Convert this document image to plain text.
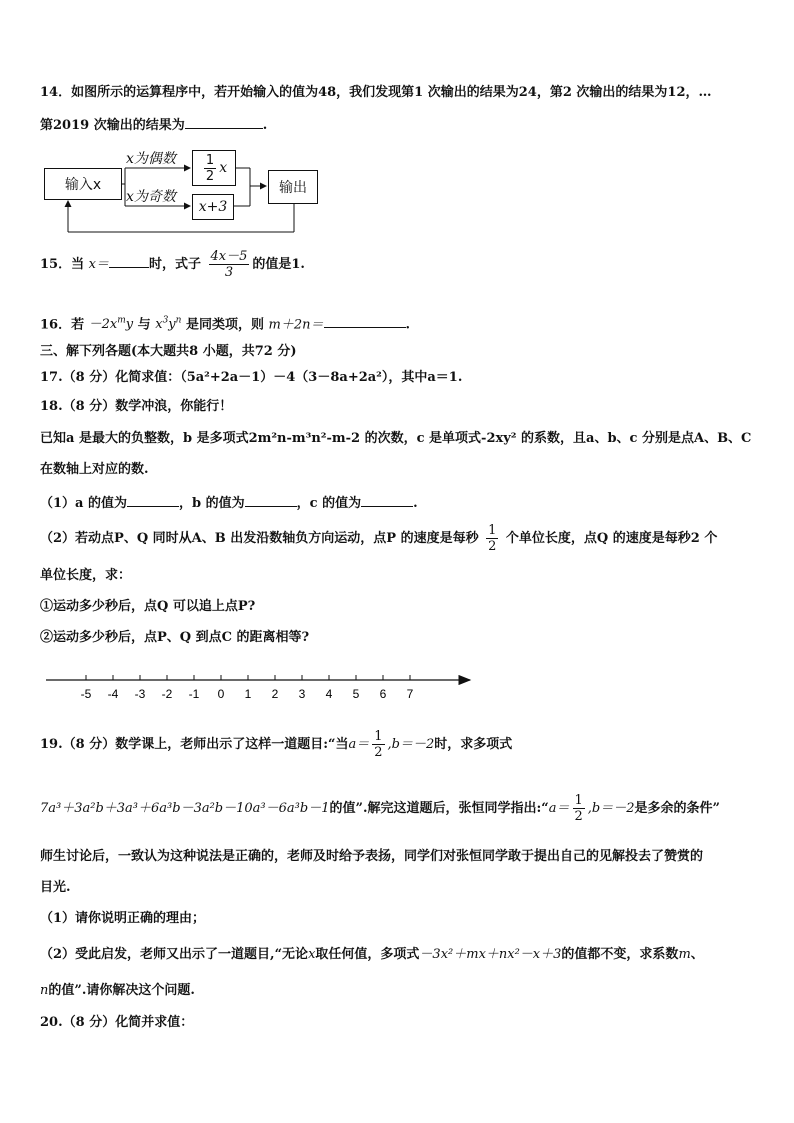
14．如图所示的运算程序中，若开始输入的值为48，我们发现第1 次输出的结果为24，第2 次输出的结果为12，…
第2019 次输出的结果为	.
输入x
x为偶数
x为奇数
$\frac{1}{2}$ x
x+3
输出
15．当 x＝	时，式子 $\frac{4x-5}{3}$ 的值是1.
16．若 $-2x^my$ 与 $x^3y^n$ 是同类项，则 m＋2n＝	.
三、解下列各题(本大题共8 小题，共72 分)
17.（8 分）化简求值：（5a²+2a－1）－4（3－8a+2a²），其中a＝1.
18.（8 分）数学冲浪，你能行！
已知a 是最大的负整数，b 是多项式2m²n-m³n²-m-2 的次数，c 是单项式-2xy² 的系数，且a、b、c 分别是点A、B、C
在数轴上对应的数.
（1）a 的值为	，b 的值为	，c 的值为	.
（2）若动点P、Q 同时从A、B 出发沿数轴负方向运动，点P 的速度是每秒 $\frac{1}{2}$ 个单位长度，点Q 的速度是每秒2 个
单位长度，求：
①运动多少秒后，点Q 可以追上点P?
②运动多少秒后，点P、Q 到点C 的距离相等?
-5 -4 -3 -2 -1 0 1 2 3 4 5 6 7
19.（8 分）数学课上，老师出示了这样一道题目:“当$a= \frac{1}{2} ,b=-2$时，求多项式
7a³＋3a²b＋3a³＋6a³b－3a²b－10a³－6a³b－1的值”.解完这道题后，张恒同学指出:“a＝ $\frac{1}{2} ,b=-2$是多余的条件”
师生讨论后，一致认为这种说法是正确的，老师及时给予表扬，同学们对张恒同学敢于提出自己的见解投去了赞赏的
目光.
（1）请你说明正确的理由；
（2）受此启发，老师又出示了一道题目,“无论x取任何值，多项式－3x²＋mx＋nx²－x＋3的值都不变，求系数m、
n的值”.请你解决这个问题.
20.（8 分）化简并求值：
